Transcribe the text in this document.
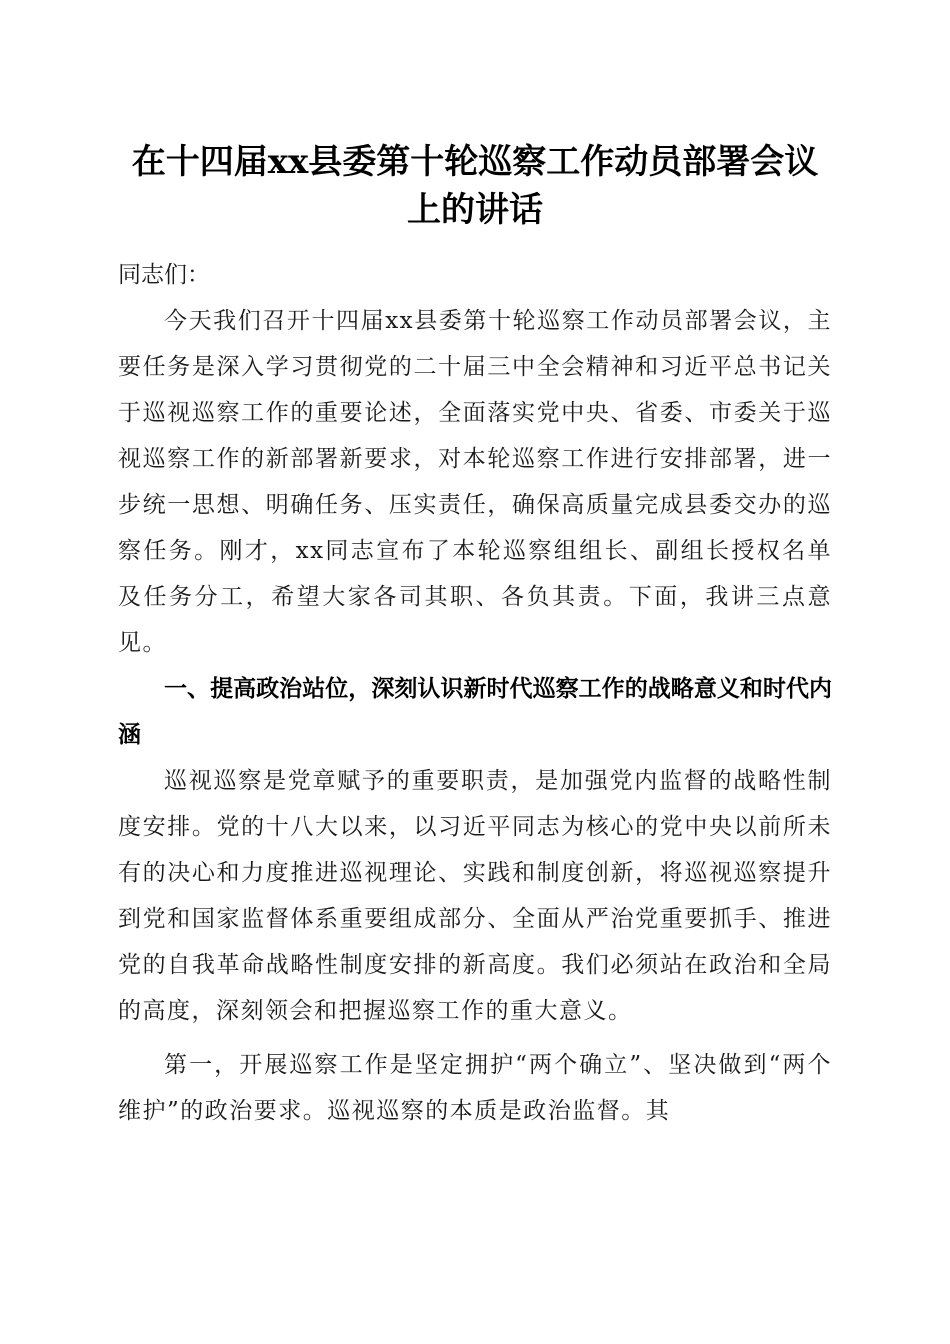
在十四届xx县委第十轮巡察工作动员部署会议上的讲话

同志们：

今天我们召开十四届xx县委第十轮巡察工作动员部署会议，主要任务是深入学习贯彻党的二十届三中全会精神和习近平总书记关于巡视巡察工作的重要论述，全面落实党中央、省委、市委关于巡视巡察工作的新部署新要求，对本轮巡察工作进行安排部署，进一步统一思想、明确任务、压实责任，确保高质量完成县委交办的巡察任务。刚才，xx同志宣布了本轮巡察组组长、副组长授权名单及任务分工，希望大家各司其职、各负其责。下面，我讲三点意见。

一、提高政治站位，深刻认识新时代巡察工作的战略意义和时代内涵

巡视巡察是党章赋予的重要职责，是加强党内监督的战略性制度安排。党的十八大以来，以习近平同志为核心的党中央以前所未有的决心和力度推进巡视理论、实践和制度创新，将巡视巡察提升到党和国家监督体系重要组成部分、全面从严治党重要抓手、推进党的自我革命战略性制度安排的新高度。我们必须站在政治和全局的高度，深刻领会和把握巡察工作的重大意义。

第一，开展巡察工作是坚定拥护“两个确立”、坚决做到“两个维护”的政治要求。巡视巡察的本质是政治监督。其
